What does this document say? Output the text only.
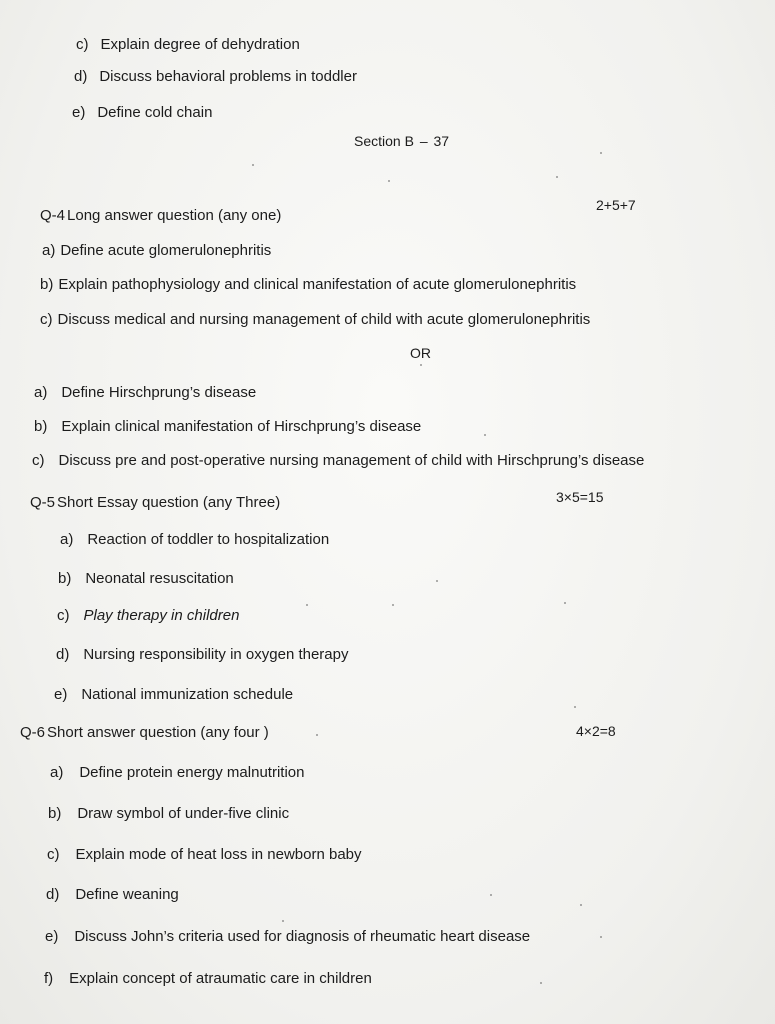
c) Explain degree of dehydration
d) Discuss behavioral problems in toddler
e) Define cold chain
Section B – 37
Q-4 Long answer question (any one)
2+5+7
a) Define acute glomerulonephritis
b) Explain pathophysiology and clinical manifestation of acute glomerulonephritis
c) Discuss medical and nursing management of child with acute glomerulonephritis
OR
a) Define Hirschprung’s disease
b) Explain clinical manifestation of Hirschprung’s disease
c) Discuss pre and post-operative nursing management of child with Hirschprung’s disease
Q-5 Short Essay question (any Three)	3×5=15
a) Reaction of toddler to hospitalization
b) Neonatal resuscitation
c) Play therapy in children
d) Nursing responsibility in oxygen therapy
e) National immunization schedule
Q-6 Short answer question (any four )	4×2=8
a) Define protein energy malnutrition
b) Draw symbol of under-five clinic
c) Explain mode of heat loss in newborn baby
d) Define weaning
e) Discuss John’s criteria used for diagnosis of rheumatic heart disease
f) Explain concept of atraumatic care in children
